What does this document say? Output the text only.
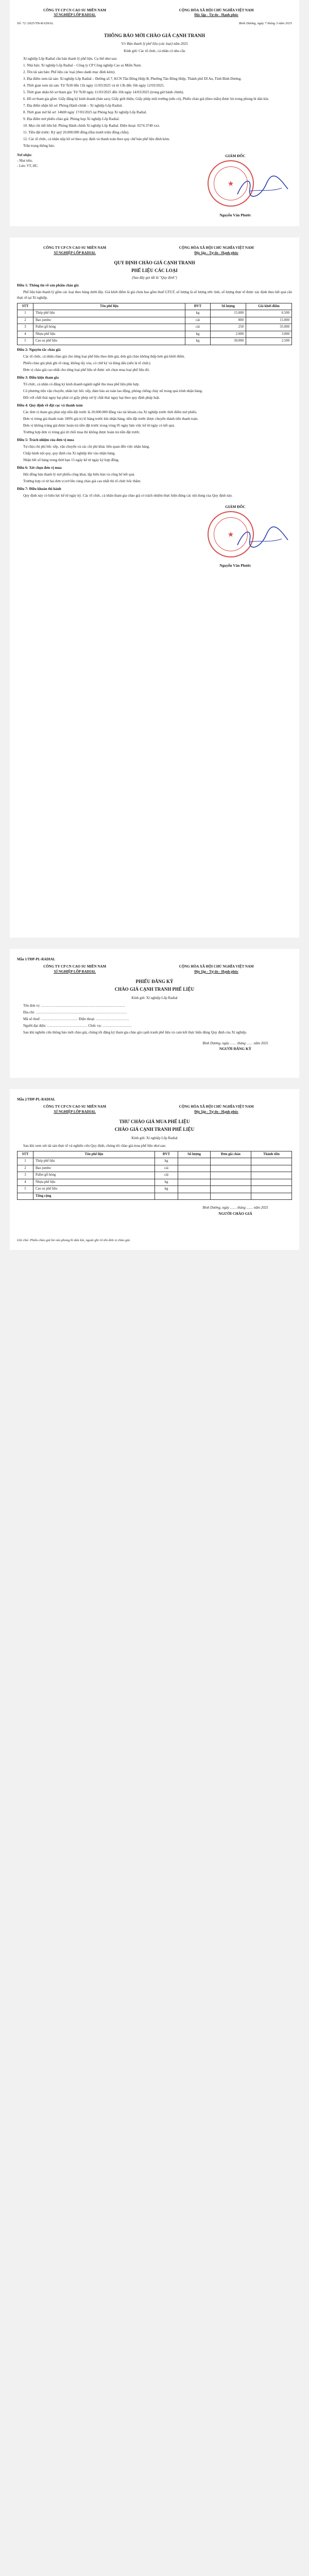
CÔNG TY CP CN CAO SU MIỀN NAM
XÍ NGHIỆP LỐP RADIAL
CỘNG HÒA XÃ HỘI CHỦ NGHĨA VIỆT NAM
Độc lập - Tự do - Hạnh phúc
Số: 72 /2025/TB-RADIAL	Bình Dương, ngày 7 tháng 3 năm 2025
THÔNG BÁO MỜI CHÀO GIÁ CẠNH TRANH
V/v Bán thanh lý phế liệu (các loại) năm 2025
Kính gửi: Các tổ chức, cá nhân có nhu cầu

Xí nghiệp Lốp Radial cần bán thanh lý phế liệu. Cụ thể như sau:

1. Nhà bán: Xí nghiệp Lốp Radial – Công ty CP Công nghiệp Cao su Miền Nam.

2. Tên tài sản bán: Phế liệu các loại (theo danh mục đính kèm).

3. Địa điểm xem tài sản: Xí nghiệp Lốp Radial – Đường số 7, KCN Tân Đông Hiệp B, Phường Tân Đông Hiệp, Thành phố Dĩ An, Tỉnh Bình Dương.

4. Thời gian xem tài sản: Từ 7h30 đến 11h ngày 11/03/2025 và từ 13h đến 16h ngày 12/03/2025.

5. Thời gian nhận hồ sơ tham gia: Từ 7h30 ngày 11/03/2025 đến 16h ngày 14/03/2025 (trong giờ hành chính).

6. Hồ sơ tham gia gồm: Giấy đăng ký kinh doanh (bản sao), Giấy giới thiệu, Giấy phép môi trường (nếu có), Phiếu chào giá (theo mẫu) được bỏ trong phong bì dán kín.

7. Địa điểm nhận hồ sơ: Phòng Hành chính – Xí nghiệp Lốp Radial.

8. Thời gian mở hồ sơ: 14h00 ngày 17/03/2025 tại Phòng họp Xí nghiệp Lốp Radial.

9. Địa điểm mở phiếu chào giá: Phòng họp Xí nghiệp Lốp Radial.

10. Mọi chi tiết liên hệ: Phòng Hành chính Xí nghiệp Lốp Radial. Điện thoại: 0274.3740 xxx.

11. Tiền đặt trước: Ký quỹ 20.000.000 đồng (Hai mươi triệu đồng chẵn).

12. Các tổ chức, cá nhân nộp hồ sơ theo quy định và thanh toán theo quy chế bán phế liệu đính kèm.

Trân trọng thông báo.

Nơi nhận:
- Như trên;
- Lưu: VT, HC.
GIÁM ĐỐC
★
Nguyễn Văn Phước
CÔNG TY CP CN CAO SU MIỀN NAM
XÍ NGHIỆP LỐP RADIAL
CỘNG HÒA XÃ HỘI CHỦ NGHĨA VIỆT NAM
Độc lập - Tự do - Hạnh phúc
QUY ĐỊNH CHÀO GIÁ CẠNH TRANH
PHẾ LIỆU CÁC LOẠI
(Sau đây gọi tắt là "Quy định")

Điều 1: Thông tin về sản phẩm chào giá

Phế liệu bán thanh lý gồm các loại theo bảng dưới đây. Giá khởi điểm là giá chưa bao gồm thuế GTGT, số lượng là số lượng ước tính, số lượng thực tế được xác định theo kết quả cân thực tế tại Xí nghiệp.

STT	Tên phế liệu	ĐVT	Số lượng	Giá khởi điểm
1	Thép phế liệu	kg	15.000	6.500
2	Bao jumbo	cái	800	15.000
3	Pallet gỗ hỏng	cái	250	35.000
4	Nhựa phế liệu	kg	2.000	3.000
5	Cao su phế liệu	kg	30.000	2.500

Điều 2: Nguyên tắc chào giá

Các tổ chức, cá nhân chào giá cho từng loại phế liệu theo đơn giá, đơn giá chào không thấp hơn giá khởi điểm.

Phiếu chào giá phải ghi rõ ràng, không tẩy xóa, có chữ ký và đóng dấu (nếu là tổ chức).

Đơn vị chào giá cao nhất cho từng loại phế liệu sẽ được xét chọn mua loại phế liệu đó.

Điều 3: Điều kiện tham gia

Tổ chức, cá nhân có đăng ký kinh doanh ngành nghề thu mua phế liệu phù hợp.

Có phương tiện vận chuyển, nhân lực bốc xếp, đảm bảo an toàn lao động, phòng chống cháy nổ trong quá trình nhận hàng.

Đối với chất thải nguy hại phải có giấy phép xử lý chất thải nguy hại theo quy định pháp luật.

Điều 4: Quy định về đặt cọc và thanh toán

Các đơn vị tham gia phải nộp tiền đặt trước là 20.000.000 đồng vào tài khoản của Xí nghiệp trước thời điểm mở phiếu.

Đơn vị trúng giá thanh toán 100% giá trị lô hàng trước khi nhận hàng, tiền đặt trước được chuyển thành tiền thanh toán.

Đơn vị không trúng giá được hoàn trả tiền đặt trước trong vòng 05 ngày làm việc kể từ ngày có kết quả.

Trường hợp đơn vị trúng giá từ chối mua thì không được hoàn trả tiền đặt trước.

Điều 5: Trách nhiệm của đơn vị mua

Tự chịu chi phí bốc xếp, vận chuyển và các chi phí khác liên quan đến việc nhận hàng.

Chấp hành nội quy, quy định của Xí nghiệp khi vào nhận hàng.

Nhận hết số hàng trong thời hạn 15 ngày kể từ ngày ký hợp đồng.

Điều 6: Xét chọn đơn vị mua

Hội đồng bán thanh lý mở phiếu công khai, lập biên bản và công bố kết quả.

Trường hợp có từ hai đơn vị trở lên cùng chào giá cao nhất thì tổ chức bốc thăm.

Điều 7: Điều khoản thi hành

Quy định này có hiệu lực kể từ ngày ký. Các tổ chức, cá nhân tham gia chào giá có trách nhiệm thực hiện đúng các nội dung của Quy định này.

GIÁM ĐỐC
★
Nguyễn Văn Phước
Mẫu 1/TĐP-PL-RADIAL
CÔNG TY CP CN CAO SU MIỀN NAM
XÍ NGHIỆP LỐP RADIAL
CỘNG HÒA XÃ HỘI CHỦ NGHĨA VIỆT NAM
Độc lập - Tự do - Hạnh phúc
PHIẾU ĐĂNG KÝ
CHÀO GIÁ CẠNH TRANH PHẾ LIỆU
Kính gửi: Xí nghiệp Lốp Radial

Tên đơn vị: ……………………………………………………………

Địa chỉ: …………………………………………………………………

Mã số thuế: ………………………… Điện thoại: ………………………

Người đại diện: …………………………… Chức vụ: ……………………

Sau khi nghiên cứu thông báo mời chào giá, chúng tôi đăng ký tham gia chào giá cạnh tranh phế liệu và cam kết thực hiện đúng Quy định của Xí nghiệp.

Bình Dương, ngày …… tháng …… năm 2025
NGƯỜI ĐĂNG KÝ
Mẫu 2/TĐP-PL-RADIAL
CÔNG TY CP CN CAO SU MIỀN NAM
XÍ NGHIỆP LỐP RADIAL
CỘNG HÒA XÃ HỘI CHỦ NGHĨA VIỆT NAM
Độc lập - Tự do - Hạnh phúc
THƯ CHÀO GIÁ MUA PHẾ LIỆU
CHÀO GIÁ CẠNH TRANH PHẾ LIỆU
Kính gửi: Xí nghiệp Lốp Radial

Sau khi xem xét tài sản thực tế và nghiên cứu Quy định, chúng tôi chào giá mua phế liệu như sau:

STT	Tên phế liệu	ĐVT	Số lượng	Đơn giá chào	Thành tiền
1	Thép phế liệu	kg			
2	Bao jumbo	cái			
3	Pallet gỗ hỏng	cái			
4	Nhựa phế liệu	kg			
5	Cao su phế liệu	kg			
	Tổng cộng				
Bình Dương, ngày …… tháng …… năm 2025
NGƯỜI CHÀO GIÁ
Ghi chú: Phiếu chào giá bỏ vào phong bì dán kín, ngoài ghi rõ tên đơn vị chào giá.
